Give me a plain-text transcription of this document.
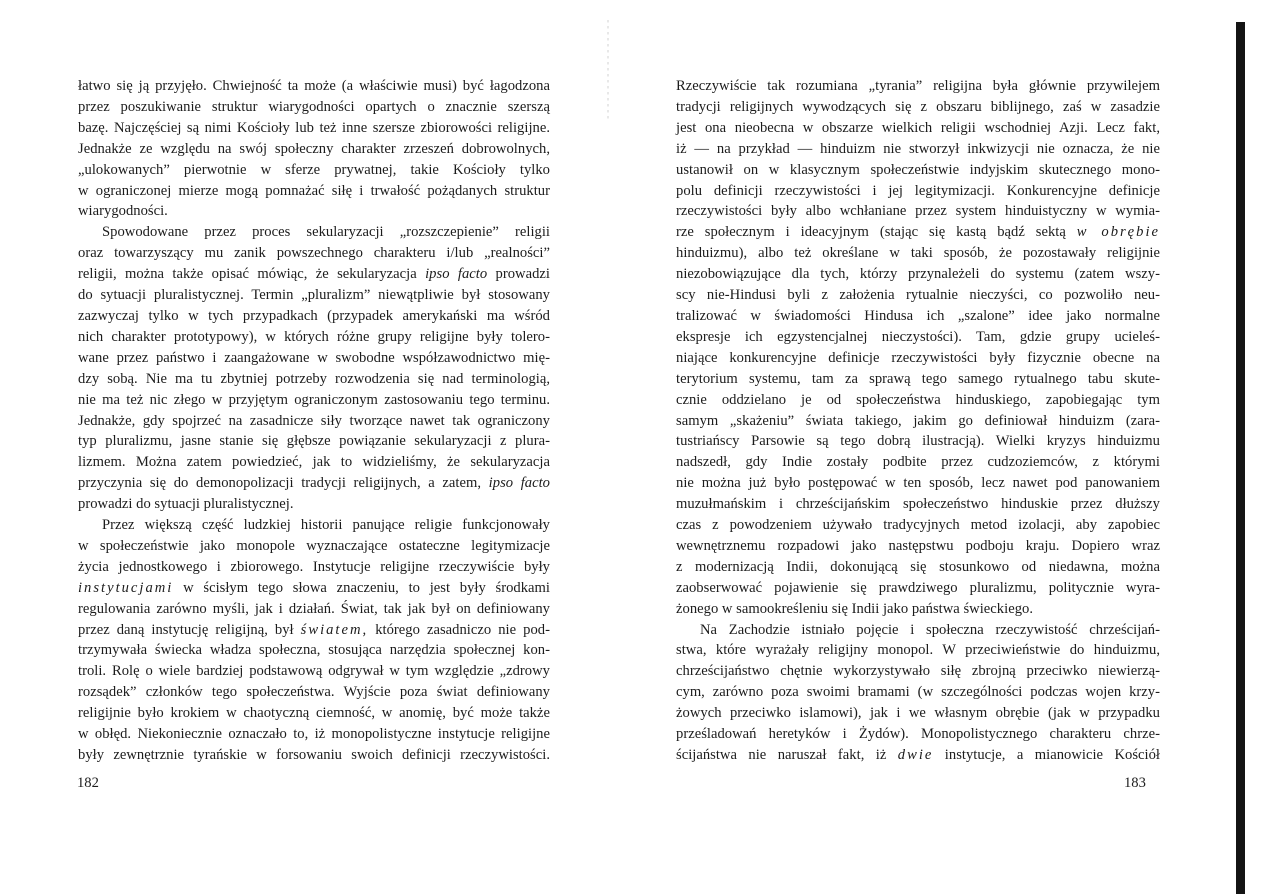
łatwo się ją przyjęło. Chwiejność ta może (a właściwie musi) być łagodzona
przez poszukiwanie struktur wiarygodności opartych o znacznie szerszą
bazę. Najczęściej są nimi Kościoły lub też inne szersze zbiorowości religijne.
Jednakże ze względu na swój społeczny charakter zrzeszeń dobrowolnych,
„ulokowanych” pierwotnie w sferze prywatnej, takie Kościoły tylko
w ograniczonej mierze mogą pomnażać siłę i trwałość pożądanych struktur
wiarygodności.
Spowodowane przez proces sekularyzacji „rozszczepienie” religii
oraz towarzyszący mu zanik powszechnego charakteru i/lub „realności”
religii, można także opisać mówiąc, że sekularyzacja ipso facto prowadzi
do sytuacji pluralistycznej. Termin „pluralizm” niewątpliwie był stosowany
zazwyczaj tylko w tych przypadkach (przypadek amerykański ma wśród
nich charakter prototypowy), w których różne grupy religijne były tolero-
wane przez państwo i zaangażowane w swobodne współzawodnictwo mię-
dzy sobą. Nie ma tu zbytniej potrzeby rozwodzenia się nad terminologią,
nie ma też nic złego w przyjętym ograniczonym zastosowaniu tego terminu.
Jednakże, gdy spojrzeć na zasadnicze siły tworzące nawet tak ograniczony
typ pluralizmu, jasne stanie się głębsze powiązanie sekularyzacji z plura-
lizmem. Można zatem powiedzieć, jak to widzieliśmy, że sekularyzacja
przyczynia się do demonopolizacji tradycji religijnych, a zatem, ipso facto
prowadzi do sytuacji pluralistycznej.
Przez większą część ludzkiej historii panujące religie funkcjonowały
w społeczeństwie jako monopole wyznaczające ostateczne legitymizacje
życia jednostkowego i zbiorowego. Instytucje religijne rzeczywiście były
instytucjami w ścisłym tego słowa znaczeniu, to jest były środkami
regulowania zarówno myśli, jak i działań. Świat, tak jak był on definiowany
przez daną instytucję religijną, był światem, którego zasadniczo nie pod-
trzymywała świecka władza społeczna, stosująca narzędzia społecznej kon-
troli. Rolę o wiele bardziej podstawową odgrywał w tym względzie „zdrowy
rozsądek” członków tego społeczeństwa. Wyjście poza świat definiowany
religijnie było krokiem w chaotyczną ciemność, w anomię, być może także
w obłęd. Niekoniecznie oznaczało to, iż monopolistyczne instytucje religijne
były zewnętrznie tyrańskie w forsowaniu swoich definicji rzeczywistości.
182
Rzeczywiście tak rozumiana „tyrania” religijna była głównie przywilejem
tradycji religijnych wywodzących się z obszaru biblijnego, zaś w zasadzie
jest ona nieobecna w obszarze wielkich religii wschodniej Azji. Lecz fakt,
iż — na przykład — hinduizm nie stworzył inkwizycji nie oznacza, że nie
ustanowił on w klasycznym społeczeństwie indyjskim skutecznego mono-
polu definicji rzeczywistości i jej legitymizacji. Konkurencyjne definicje
rzeczywistości były albo wchłaniane przez system hinduistyczny w wymia-
rze społecznym i ideacyjnym (stając się kastą bądź sektą w obrębie
hinduizmu), albo też określane w taki sposób, że pozostawały religijnie
niezobowiązujące dla tych, którzy przynależeli do systemu (zatem wszy-
scy nie-Hindusi byli z założenia rytualnie nieczyści, co pozwoliło neu-
tralizować w świadomości Hindusa ich „szalone” idee jako normalne
ekspresje ich egzystencjalnej nieczystości). Tam, gdzie grupy ucieleś-
niające konkurencyjne definicje rzeczywistości były fizycznie obecne na
terytorium systemu, tam za sprawą tego samego rytualnego tabu skute-
cznie oddzielano je od społeczeństwa hinduskiego, zapobiegając tym
samym „skażeniu” świata takiego, jakim go definiował hinduizm (zara-
tustriańscy Parsowie są tego dobrą ilustracją). Wielki kryzys hinduizmu
nadszedł, gdy Indie zostały podbite przez cudzoziemców, z którymi
nie można już było postępować w ten sposób, lecz nawet pod panowaniem
muzułmańskim i chrześcijańskim społeczeństwo hinduskie przez dłuższy
czas z powodzeniem używało tradycyjnych metod izolacji, aby zapobiec
wewnętrznemu rozpadowi jako następstwu podboju kraju. Dopiero wraz
z modernizacją Indii, dokonującą się stosunkowo od niedawna, można
zaobserwować pojawienie się prawdziwego pluralizmu, politycznie wyra-
żonego w samookreśleniu się Indii jako państwa świeckiego.
Na Zachodzie istniało pojęcie i społeczna rzeczywistość chrześcijań-
stwa, które wyrażały religijny monopol. W przeciwieństwie do hinduizmu,
chrześcijaństwo chętnie wykorzystywało siłę zbrojną przeciwko niewierzą-
cym, zarówno poza swoimi bramami (w szczególności podczas wojen krzy-
żowych przeciwko islamowi), jak i we własnym obrębie (jak w przypadku
prześladowań heretyków i Żydów). Monopolistycznego charakteru chrze-
ścijaństwa nie naruszał fakt, iż dwie instytucje, a mianowicie Kościół
183
